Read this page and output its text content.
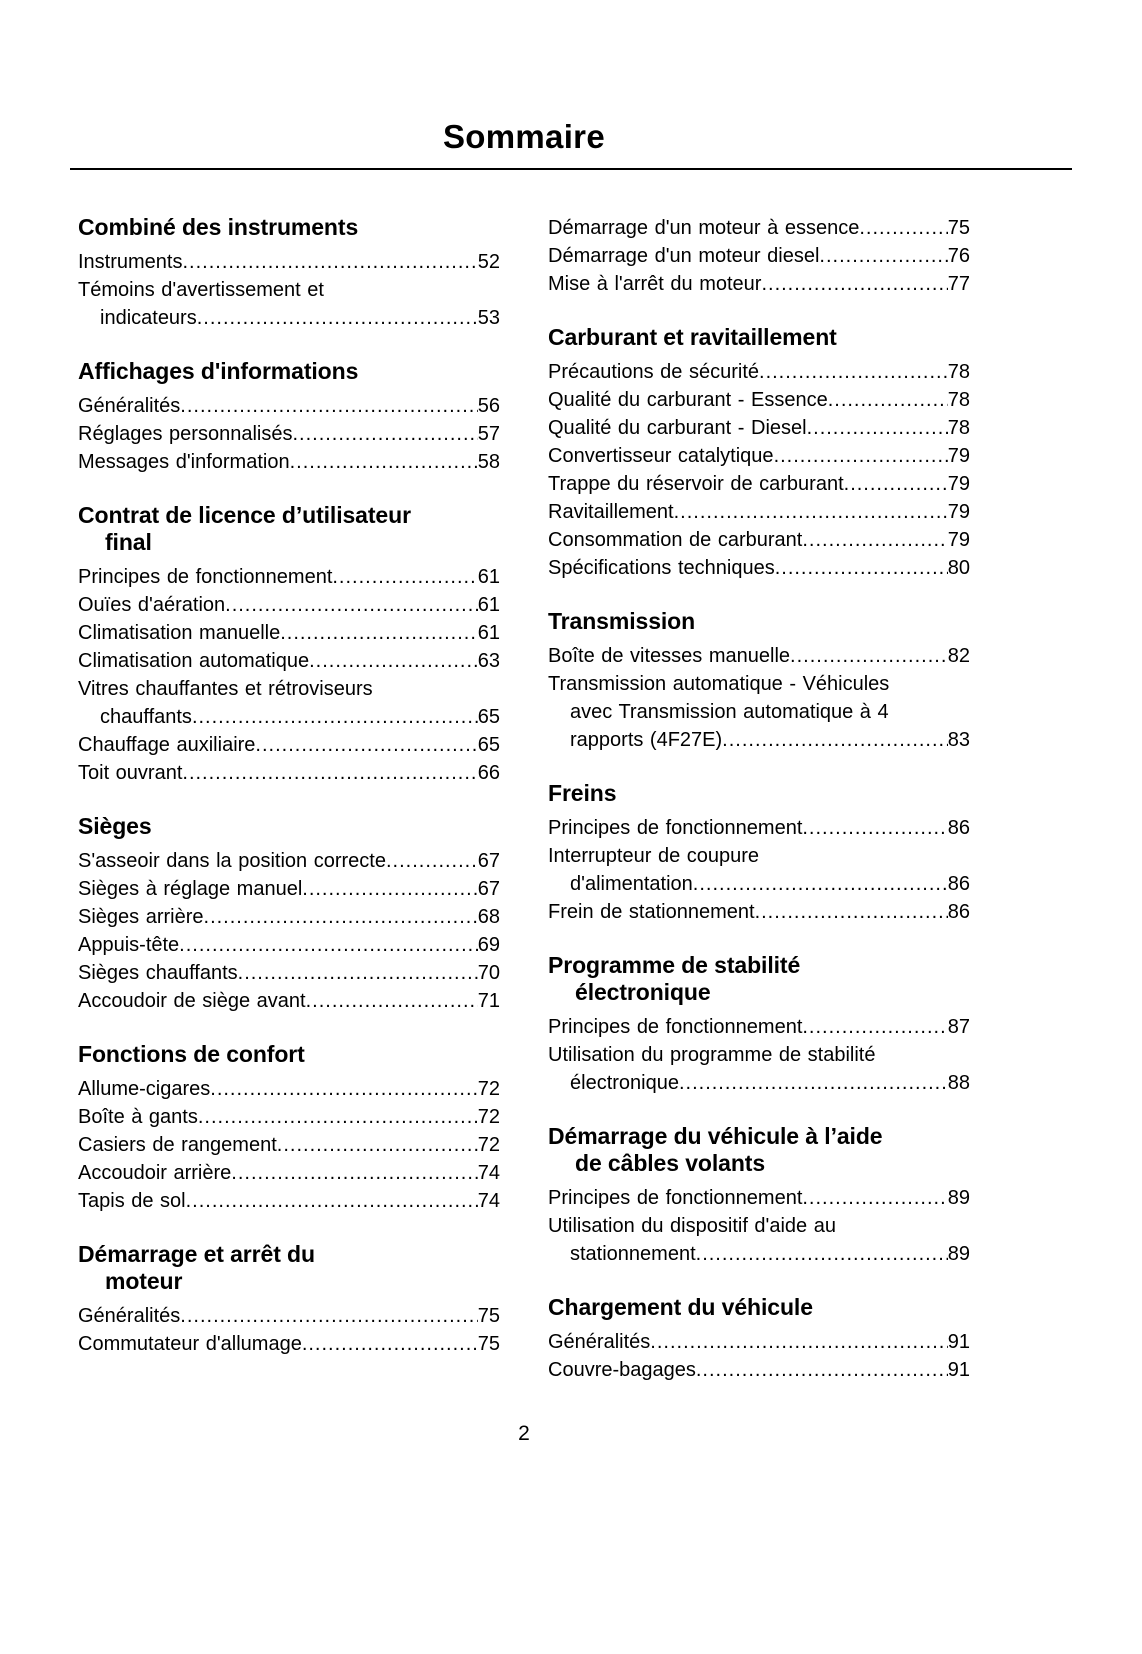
Sommaire
Combiné des instruments
Instruments .....	52
Témoins d'avertissement et
indicateurs .....	53
Affichages d'informations
Généralités .....	56
Réglages personnalisés .....	57
Messages d'information .....	58
Contrat de licence d’utilisateur
final
Principes de fonctionnement .....	61
Ouïes d'aération .....	61
Climatisation manuelle .....	61
Climatisation automatique .....	63
Vitres chauffantes et rétroviseurs
chauffants .....	65
Chauffage auxiliaire .....	65
Toit ouvrant .....	66
Sièges
S'asseoir dans la position correcte .....	67
Sièges à réglage manuel .....	67
Sièges arrière .....	68
Appuis-tête .....	69
Sièges chauffants .....	70
Accoudoir de siège avant .....	71
Fonctions de confort
Allume-cigares .....	72
Boîte à gants .....	72
Casiers de rangement .....	72
Accoudoir arrière .....	74
Tapis de sol .....	74
Démarrage et arrêt du
moteur
Généralités .....	75
Commutateur d'allumage .....	75
Démarrage d'un moteur à essence .....	75
Démarrage d'un moteur diesel .....	76
Mise à l'arrêt du moteur .....	77
Carburant et ravitaillement
Précautions de sécurité .....	78
Qualité du carburant - Essence .....	78
Qualité du carburant - Diesel .....	78
Convertisseur catalytique .....	79
Trappe du réservoir de carburant .....	79
Ravitaillement .....	79
Consommation de carburant .....	79
Spécifications techniques .....	80
Transmission
Boîte de vitesses manuelle .....	82
Transmission automatique - Véhicules
avec Transmission automatique à 4
rapports (4F27E) .....	83
Freins
Principes de fonctionnement .....	86
Interrupteur de coupure
d'alimentation .....	86
Frein de stationnement .....	86
Programme de stabilité
électronique
Principes de fonctionnement .....	87
Utilisation du programme de stabilité
électronique .....	88
Démarrage du véhicule à l’aide
de câbles volants
Principes de fonctionnement .....	89
Utilisation du dispositif d'aide au
stationnement .....	89
Chargement du véhicule
Généralités .....	91
Couvre-bagages .....	91
2
